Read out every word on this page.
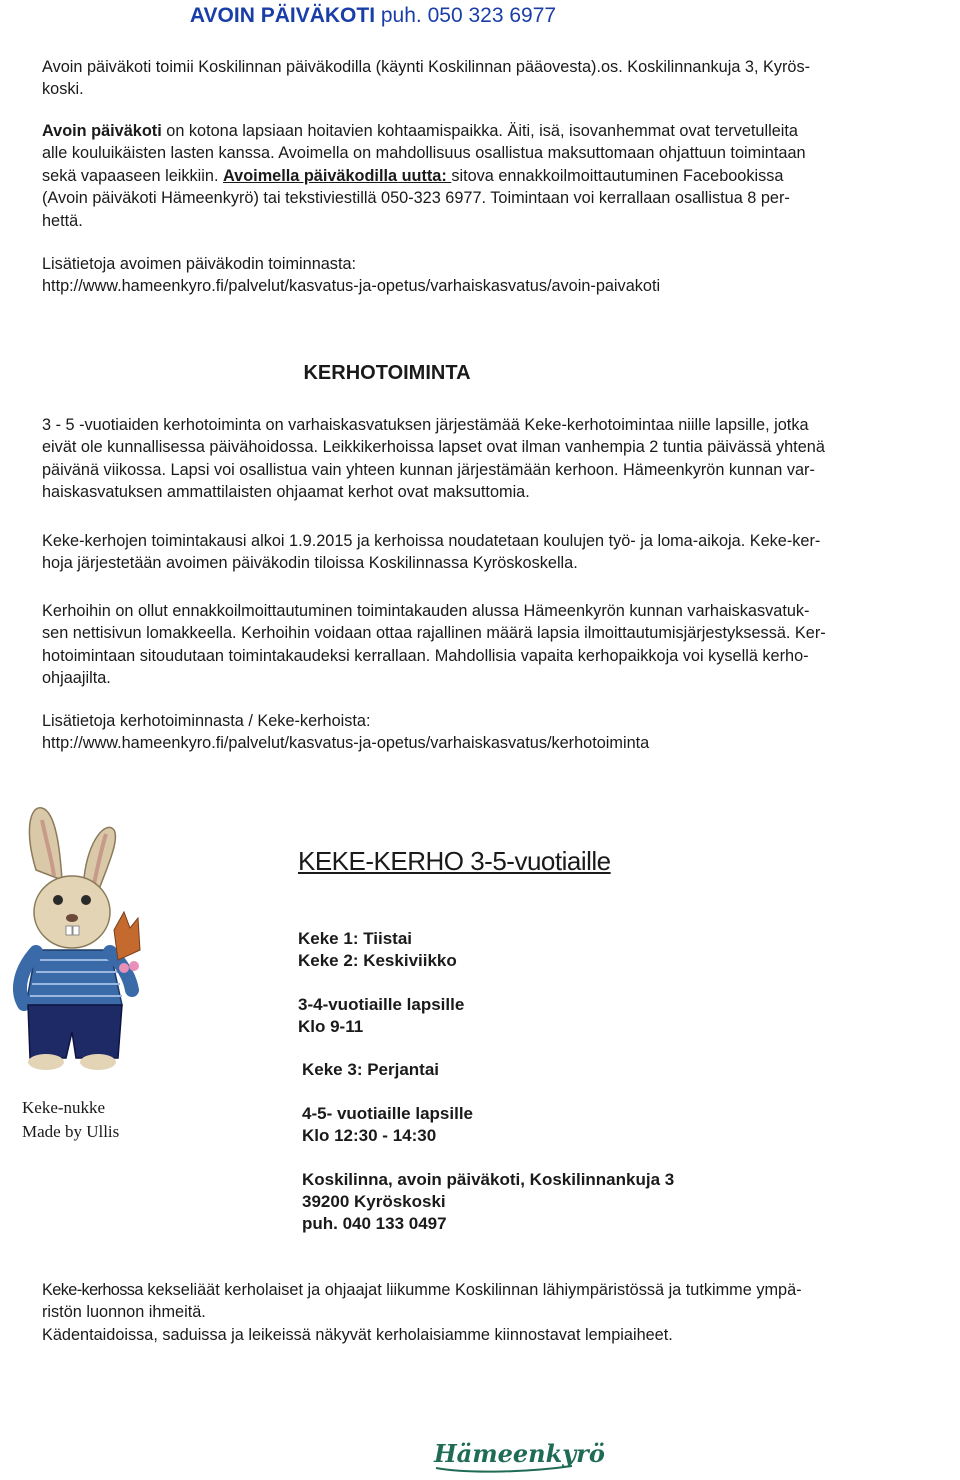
AVOIN PÄIVÄKOTI puh. 050 323 6977

Avoin päiväkoti toimii Koskilinnan päiväkodilla (käynti Koskilinnan pääovesta).os. Koskilinnankuja 3, Kyrös-

koski.

Avoin päiväkoti on kotona lapsiaan hoitavien kohtaamispaikka. Äiti, isä, isovanhemmat ovat tervetulleita

alle kouluikäisten lasten kanssa. Avoimella on mahdollisuus osallistua maksuttomaan ohjattuun toimintaan

sekä vapaaseen leikkiin. Avoimella päiväkodilla uutta: sitova ennakkoilmoittautuminen Facebookissa

(Avoin päiväkoti Hämeenkyrö) tai tekstiviestillä 050-323 6977. Toimintaan voi kerrallaan osallistua 8 per-

hettä.

Lisätietoja avoimen päiväkodin toiminnasta:

http://www.hameenkyro.fi/palvelut/kasvatus-ja-opetus/varhaiskasvatus/avoin-paivakoti

KERHOTOIMINTA

3 - 5 -vuotiaiden kerhotoiminta on varhaiskasvatuksen järjestämää Keke-kerhotoimintaa niille lapsille, jotka

eivät ole kunnallisessa päivähoidossa. Leikkikerhoissa lapset ovat ilman vanhempia 2 tuntia päivässä yhtenä

päivänä viikossa. Lapsi voi osallistua vain yhteen kunnan järjestämään kerhoon. Hämeenkyrön kunnan var-

haiskasvatuksen ammattilaisten ohjaamat kerhot ovat maksuttomia.

Keke-kerhojen toimintakausi alkoi 1.9.2015 ja kerhoissa noudatetaan koulujen työ- ja loma-aikoja. Keke-ker-

hoja järjestetään avoimen päiväkodin tiloissa Koskilinnassa Kyröskoskella.

Kerhoihin on ollut ennakkoilmoittautuminen toimintakauden alussa Hämeenkyrön kunnan varhaiskasvatuk-

sen nettisivun lomakkeella. Kerhoihin voidaan ottaa rajallinen määrä lapsia ilmoittautumisjärjestyksessä. Ker-

hotoimintaan sitoudutaan toimintakaudeksi kerrallaan. Mahdollisia vapaita kerhopaikkoja voi kysellä kerho-

ohjaajilta.

Lisätietoja kerhotoiminnasta / Keke-kerhoista:

http://www.hameenkyro.fi/palvelut/kasvatus-ja-opetus/varhaiskasvatus/kerhotoiminta

Keke-nukke
Made by Ullis
KEKE-KERHO 3-5-vuotiaille
Keke 1: Tiistai
Keke 2: Keskiviikko
3-4-vuotiaille lapsille
Klo 9-11
Keke 3: Perjantai
4-5- vuotiaille lapsille
Klo 12:30 - 14:30
Koskilinna, avoin päiväkoti, Koskilinnankuja 3
39200 Kyröskoski
puh. 040 133 0497

Keke-kerhossa kekseliäät kerholaiset ja ohjaajat liikumme Koskilinnan lähiympäristössä ja tutkimme ympä-

ristön luonnon ihmeitä.

Kädentaidoissa, saduissa ja leikeissä näkyvät kerholaisiamme kiinnostavat lempiaiheet.

Hämeenkyrö
